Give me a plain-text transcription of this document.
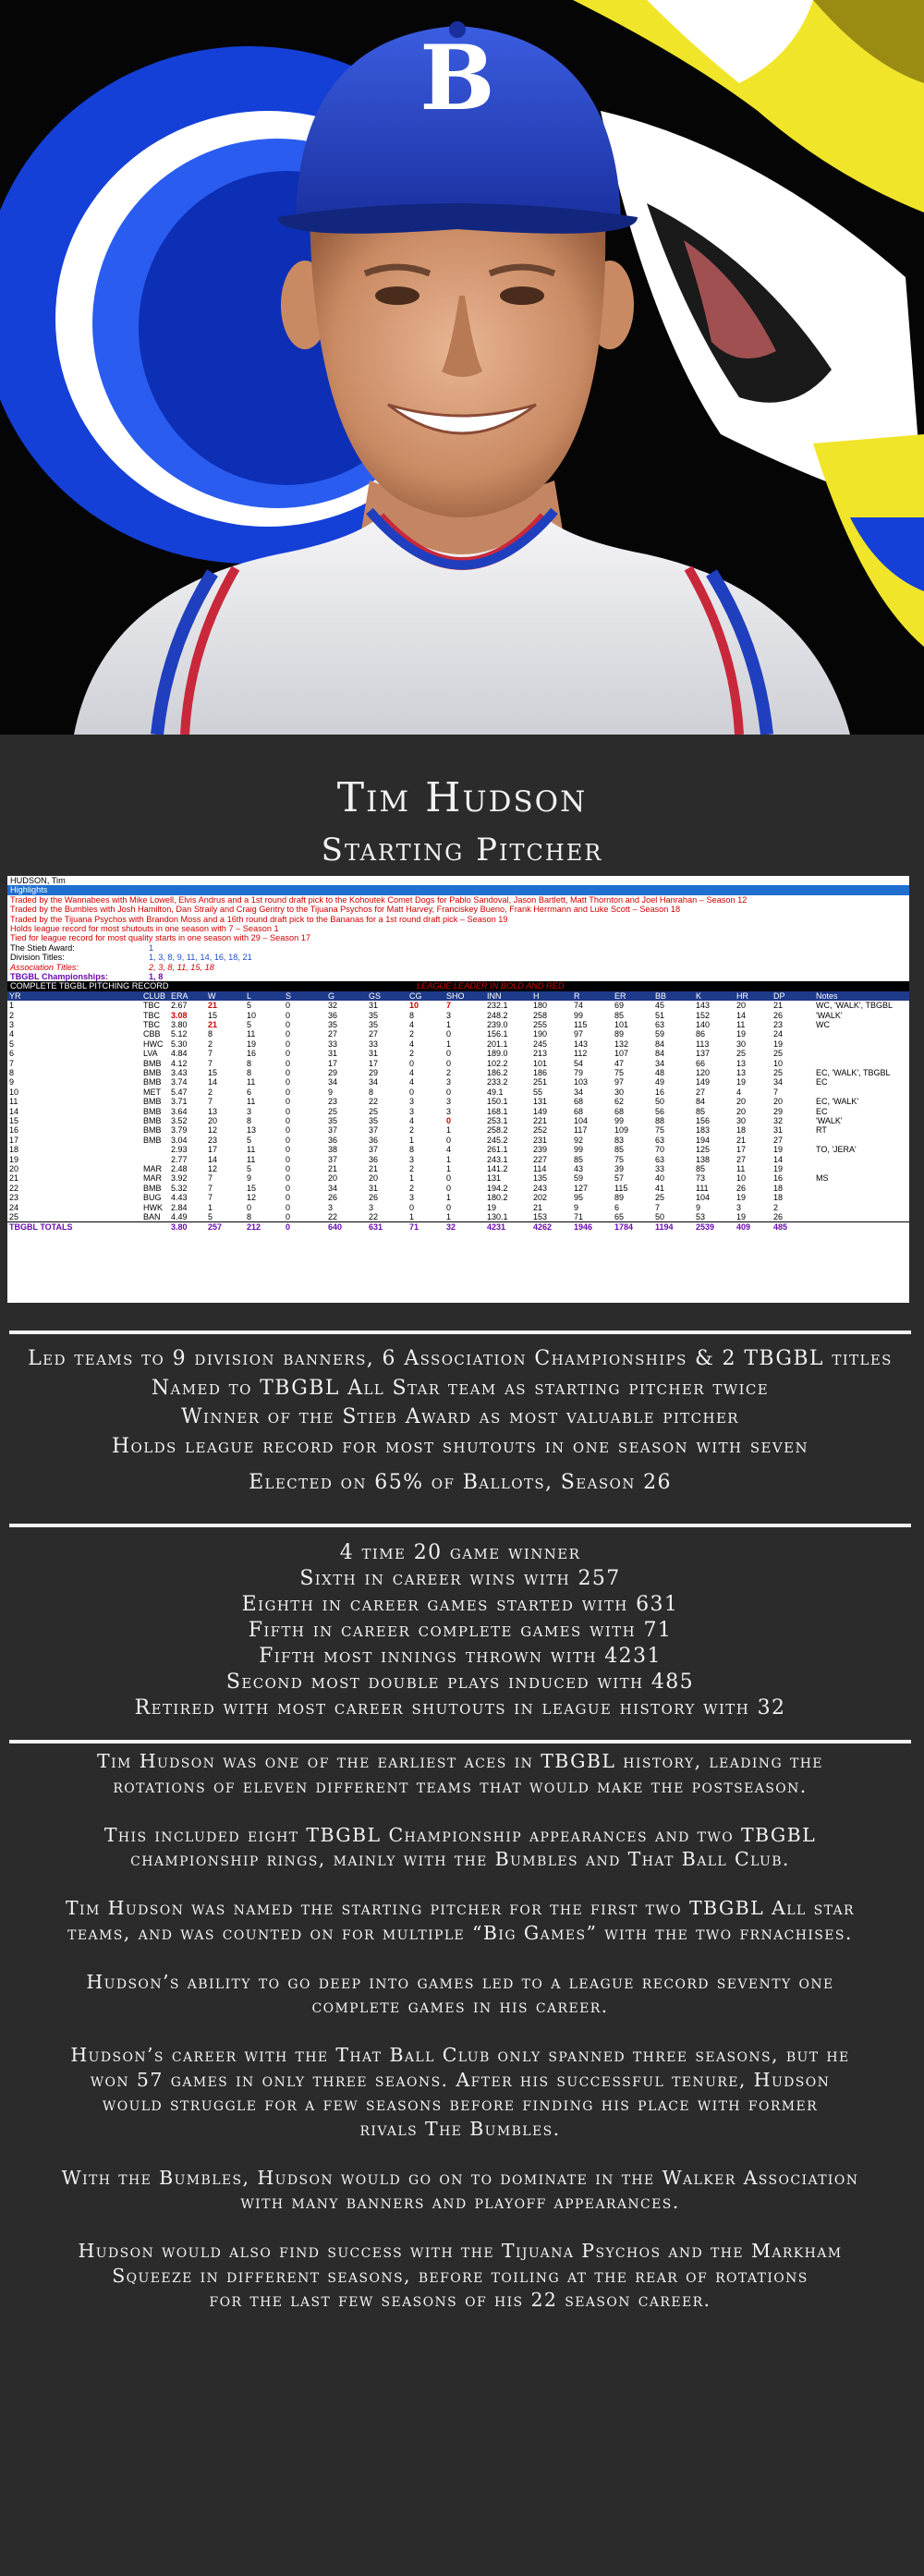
B
Tim Hudson
Starting Pitcher
HUDSON, Tim
Highlights
Traded by the Wannabees with Mike Lowell, Elvis Andrus and a 1st round draft pick to the Kohoutek Comet Dogs for Pablo Sandoval, Jason Bartlett, Matt Thornton and Joel Hanrahan – Season 12
Traded by the Bumbles with Josh Hamilton, Dan Straily and Craig Gentry to the Tijuana Psychos for Matt Harvey, Franciskey Bueno, Frank Herrmann and Luke Scott – Season 18
Traded by the Tijuana Psychos with Brandon Moss and a 16th round draft pick to the Bananas for a 1st round draft pick – Season 19
Holds league record for most shutouts in one season with 7 – Season 1
Tied for league record for most quality starts in one season with 29 – Season 17
The Stieb Award:	1
Division Titles:	1, 3, 8, 9, 11, 14, 16, 18, 21
Association Titles:	2, 3, 8, 11, 15, 18
TBGBL Championships:	1, 8
COMPLETE TBGBL PITCHING RECORD	LEAGUE LEADER IN BOLD AND RED
YR	CLUB	ERA	W	L	S	G	GS	CG	SHO	INN	H	R	ER	BB	K	HR	DP	Notes
1	TBC	2.67	21	5	0	32	31	10	7	232.1	180	74	69	45	143	20	21	WC, 'WALK', TBGBL
2	TBC	3.08	15	10	0	36	35	8	3	248.2	258	99	85	51	152	14	26	'WALK'
3	TBC	3.80	21	5	0	35	35	4	1	239.0	255	115	101	63	140	11	23	WC
4	CBB	5.12	8	11	0	27	27	2	0	156.1	190	97	89	59	86	19	24	
5	HWC	5.30	2	19	0	33	33	4	1	201.1	245	143	132	84	113	30	19	
6	LVA	4.84	7	16	0	31	31	2	0	189.0	213	112	107	84	137	25	25	
7	BMB	4.12	7	8	0	17	17	0	0	102.2	101	54	47	34	66	13	10	
8	BMB	3.43	15	8	0	29	29	4	2	186.2	186	79	75	48	120	13	25	EC, 'WALK', TBGBL
9	BMB	3.74	14	11	0	34	34	4	3	233.2	251	103	97	49	149	19	34	EC
10	MET	5.47	2	6	0	9	8	0	0	49.1	55	34	30	16	27	4	7	
11	BMB	3.71	7	11	0	23	22	3	3	150.1	131	68	62	50	84	20	20	EC, 'WALK'
14	BMB	3.64	13	3	0	25	25	3	3	168.1	149	68	68	56	85	20	29	EC
15	BMB	3.52	20	8	0	35	35	4	0	253.1	221	104	99	88	156	30	32	'WALK'
16	BMB	3.79	12	13	0	37	37	2	1	258.2	252	117	109	75	183	18	31	RT
17	BMB	3.04	23	5	0	36	36	1	0	245.2	231	92	83	63	194	21	27	
18		2.93	17	11	0	38	37	8	4	261.1	239	99	85	70	125	17	19	TO, 'JERA'
19		2.77	14	11	0	37	36	3	1	243.1	227	85	75	63	138	27	14	
20	MAR	2.48	12	5	0	21	21	2	1	141.2	114	43	39	33	85	11	19	
21	MAR	3.92	7	9	0	20	20	1	0	131	135	59	57	40	73	10	16	MS
22	BMB	5.32	7	15	0	34	31	2	0	194.2	243	127	115	41	111	26	18	
23	BUG	4.43	7	12	0	26	26	3	1	180.2	202	95	89	25	104	19	18	
24	HWK	2.84	1	0	0	3	3	0	0	19	21	9	6	7	9	3	2	
25	BAN	4.49	5	8	0	22	22	1	1	130.1	153	71	65	50	53	19	26	
TBGBL TOTALS		3.80	257	212	0	640	631	71	32	4231	4262	1946	1784	1194	2539	409	485	
Led teams to 9 division banners, 6 Association Championships & 2 TBGBL titles
Named to TBGBL All Star team as starting pitcher twice
Winner of the Stieb Award as most valuable pitcher
Holds league record for most shutouts in one season with seven
Elected on 65% of Ballots, Season 26
4 time 20 game winner
Sixth in career wins with 257
Eighth in career games started with 631
Fifth in career complete games with 71
Fifth most innings thrown with 4231
Second most double plays induced with 485
Retired with most career shutouts in league history with 32

Tim Hudson was one of the earliest aces in TBGBL history, leading the
rotations of eleven different teams that would make the postseason.

This included eight TBGBL Championship appearances and two TBGBL
championship rings, mainly with the Bumbles and That Ball Club.

Tim Hudson was named the starting pitcher for the first two TBGBL All star
teams, and was counted on for multiple “Big Games” with the two frnachises.

Hudson’s ability to go deep into games led to a league record seventy one
complete games in his career.

Hudson’s career with the That Ball Club only spanned three seasons, but he
won 57 games in only three seaons. After his successful tenure, Hudson
would struggle for a few seasons before finding his place with former
rivals The Bumbles.

With the Bumbles, Hudson would go on to dominate in the Walker Association
with many banners and playoff appearances.

Hudson would also find success with the Tijuana Psychos and the Markham
Squeeze in different seasons, before toiling at the rear of rotations
for the last few seasons of his 22 season career.
